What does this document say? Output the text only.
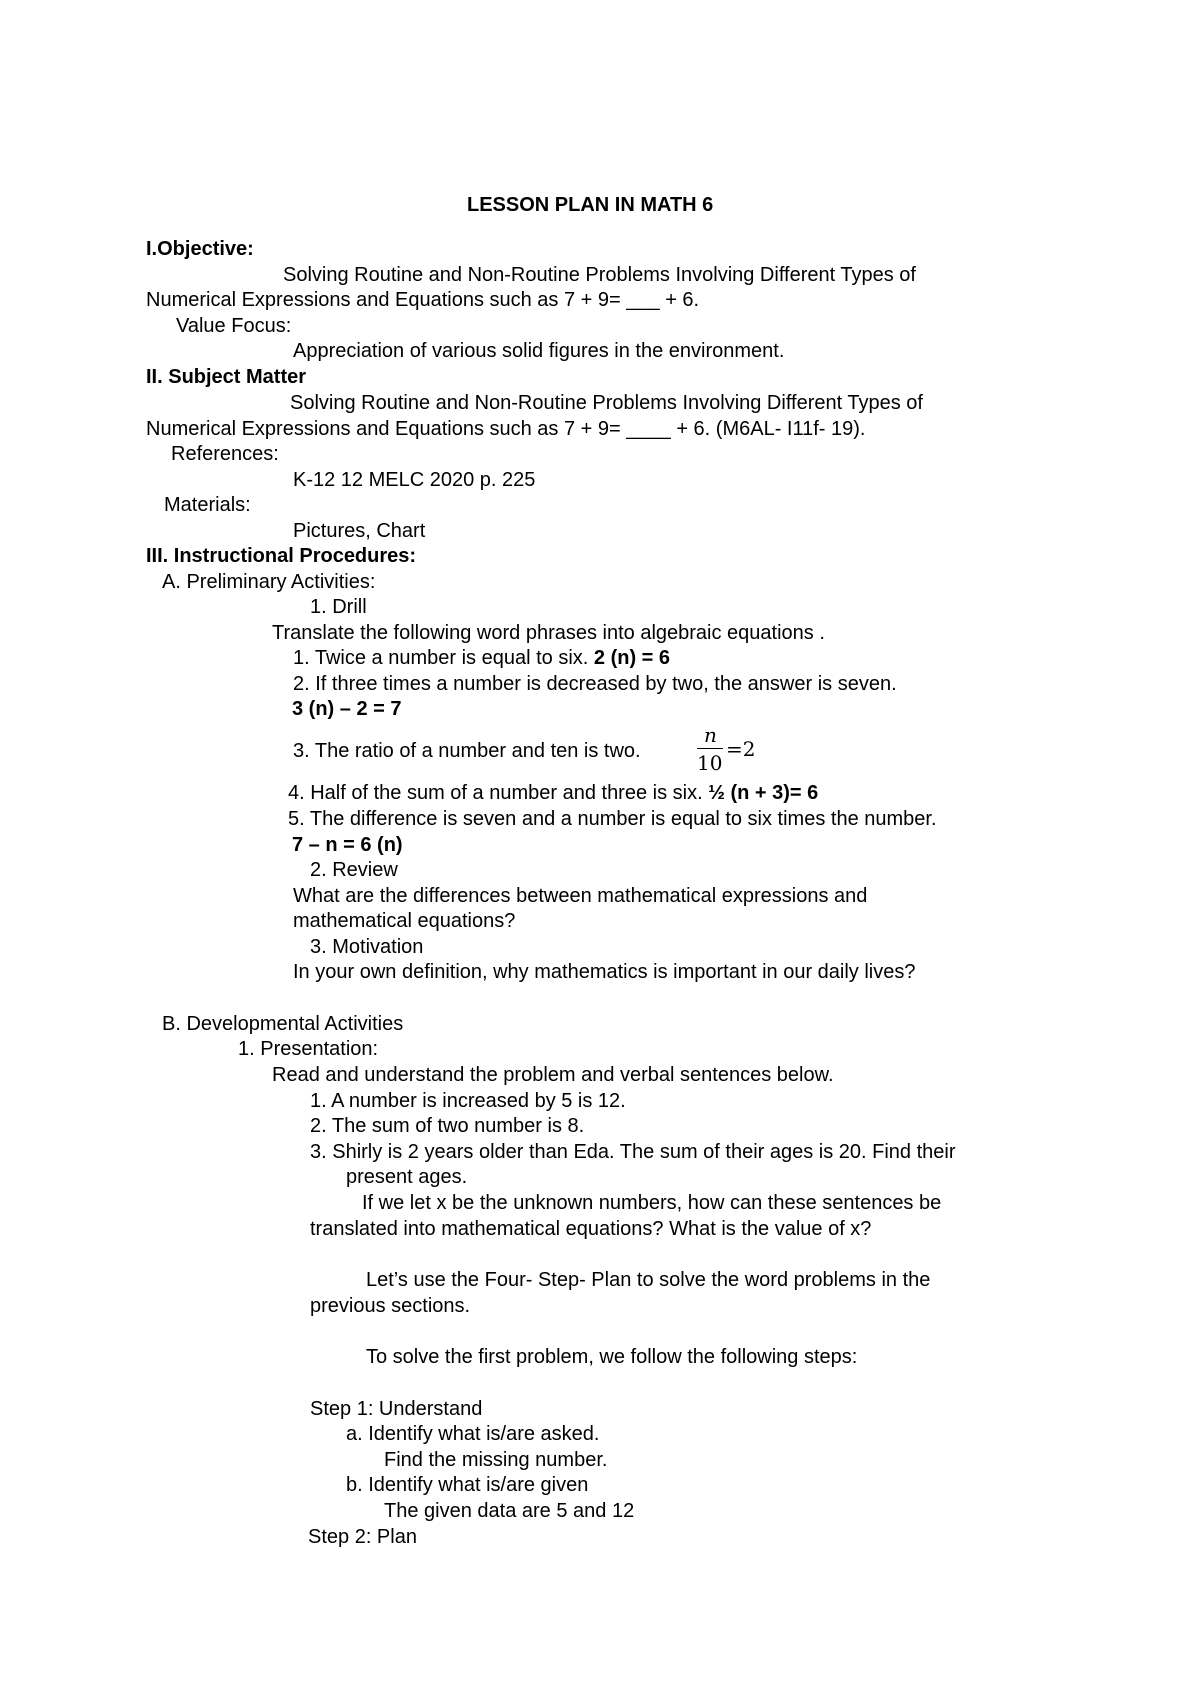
LESSON PLAN IN MATH 6
I.Objective:
Solving Routine and Non-Routine Problems Involving Different Types of
Numerical Expressions and Equations such as 7 + 9= ___ + 6.
Value Focus:
Appreciation of various solid figures in the environment.
II. Subject Matter
Solving Routine and Non-Routine Problems Involving Different Types of
Numerical Expressions and Equations such as 7 + 9= ____ + 6. (M6AL- I11f- 19).
References:
K-12 12 MELC 2020 p. 225
Materials:
Pictures, Chart
III. Instructional Procedures:
A. Preliminary Activities:
1. Drill
Translate the following word phrases into algebraic equations .
1. Twice a number is equal to six. 2 (n) = 6
2. If three times a number is decreased by two, the answer is seven.
3 (n) – 2 = 7
3. The ratio of a number and ten is two.
n
10
=2
4. Half of the sum of a number and three is six. ½ (n + 3)= 6
5. The difference is seven and a number is equal to six times the number.
7 – n = 6 (n)
2. Review
What are the differences between mathematical expressions and
mathematical equations?
3. Motivation
In your own definition, why mathematics is important in our daily lives?
B. Developmental Activities
1. Presentation:
Read and understand the problem and verbal sentences below.
1. A number is increased by 5 is 12.
2. The sum of two number is 8.
3. Shirly is 2 years older than Eda. The sum of their ages is 20. Find their
present ages.
If we let x be the unknown numbers, how can these sentences be
translated into mathematical equations? What is the value of x?
Let’s use the Four- Step- Plan to solve the word problems in the
previous sections.
To solve the first problem, we follow the following steps:
Step 1: Understand
a. Identify what is/are asked.
Find the missing number.
b. Identify what is/are given
The given data are 5 and 12
Step 2: Plan
